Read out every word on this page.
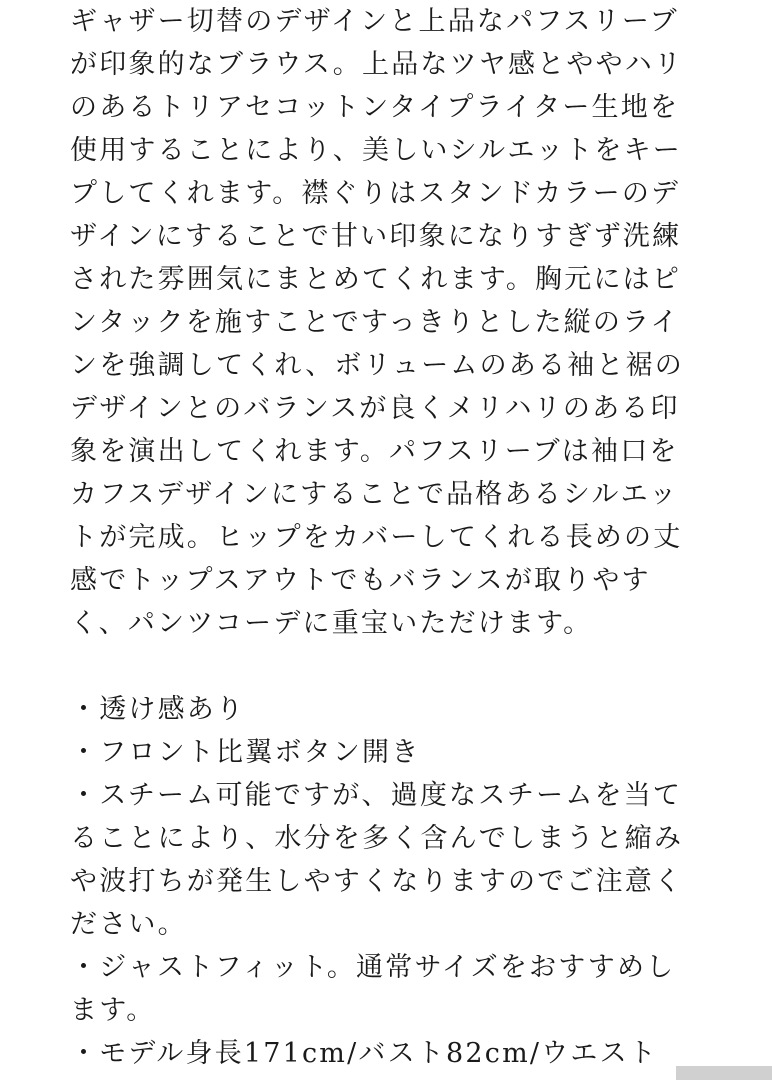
ギャザー切替のデザインと上品なパフスリーブ
が印象的なブラウス。上品なツヤ感とややハリ
のあるトリアセコットンタイプライター生地を
使用することにより、美しいシルエットをキー
プしてくれます。襟ぐりはスタンドカラーのデ
ザインにすることで甘い印象になりすぎず洗練
された雰囲気にまとめてくれます。胸元にはピ
ンタックを施すことですっきりとした縦のライ
ンを強調してくれ、ボリュームのある袖と裾の
デザインとのバランスが良くメリハリのある印
象を演出してくれます。パフスリーブは袖口を
カフスデザインにすることで品格あるシルエッ
トが完成。ヒップをカバーしてくれる長めの丈
感でトップスアウトでもバランスが取りやす
く、パンツコーデに重宝いただけます。
・透け感あり
・フロント比翼ボタン開き
・スチーム可能ですが、過度なスチームを当て
ることにより、水分を多く含んでしまうと縮み
や波打ちが発生しやすくなりますのでご注意く
ださい。
・ジャストフィット。通常サイズをおすすめし
ます。
・モデル身長171cm/バスト82cm/ウエスト
